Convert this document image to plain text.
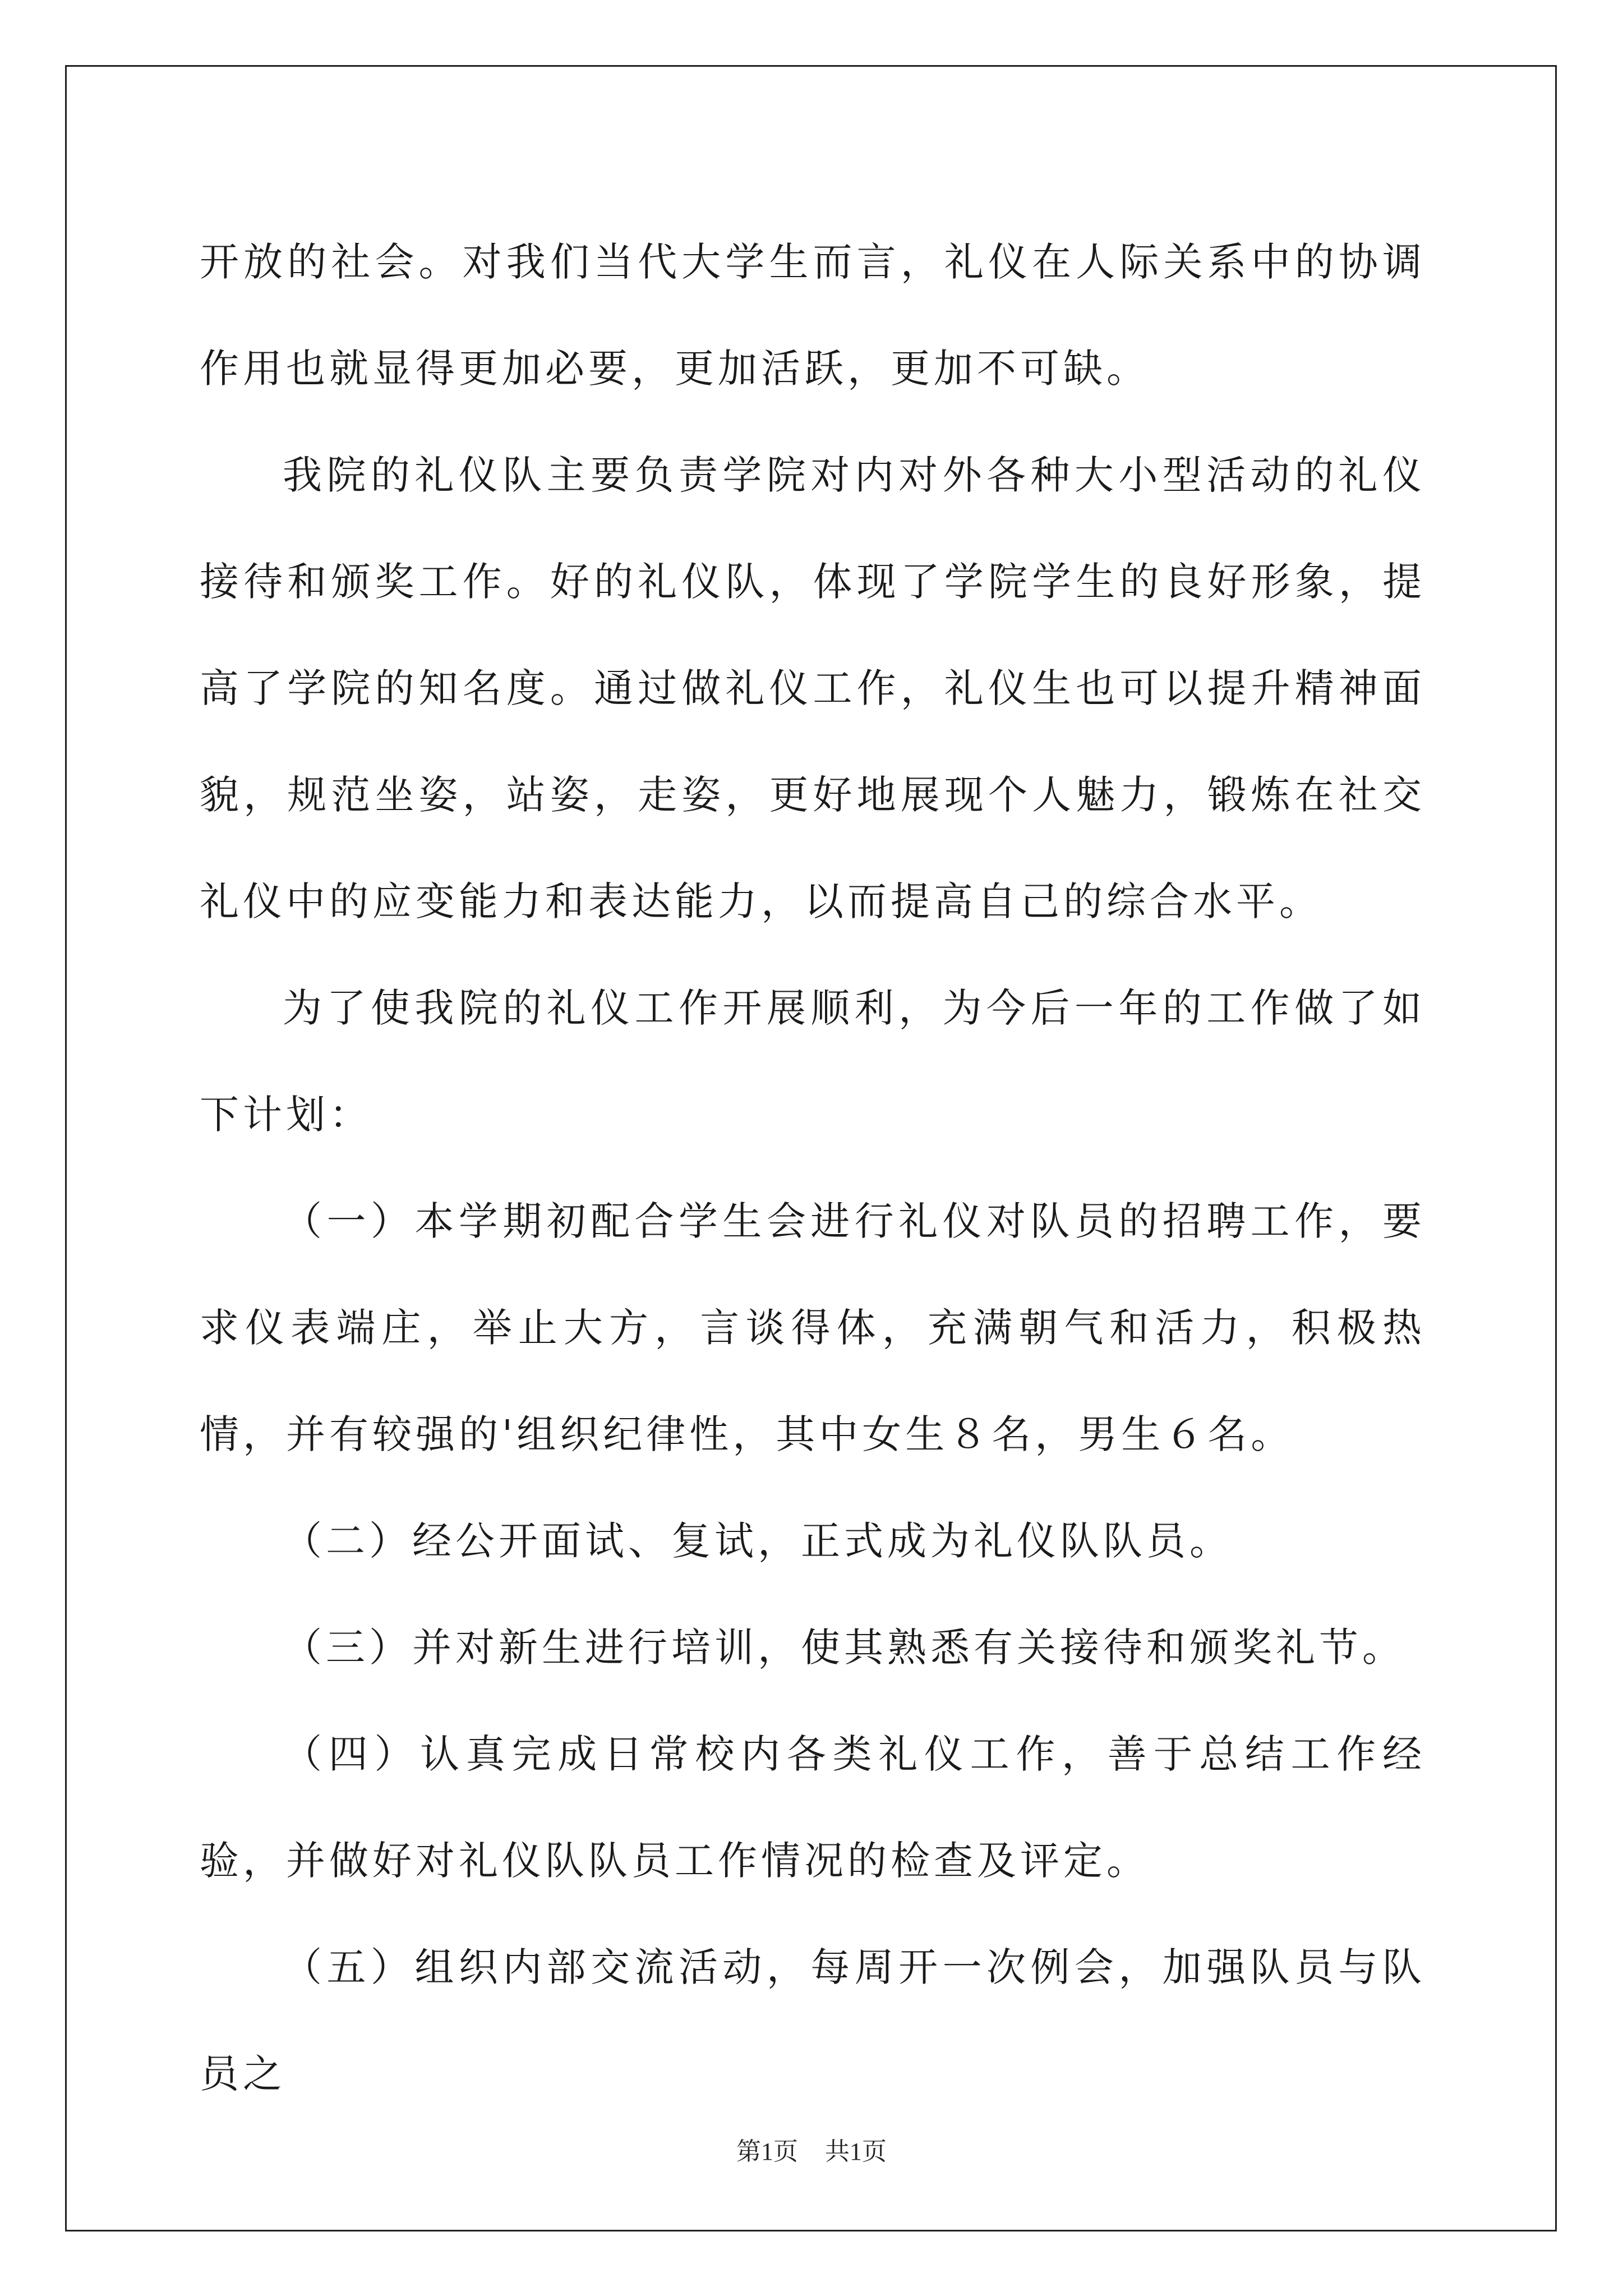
开放的社会。对我们当代大学生而言，礼仪在人际关系中的协调作用也就显得更加必要，更加活跃，更加不可缺。

我院的礼仪队主要负责学院对内对外各种大小型活动的礼仪接待和颁奖工作。好的礼仪队，体现了学院学生的良好形象，提高了学院的知名度。通过做礼仪工作，礼仪生也可以提升精神面貌，规范坐姿，站姿，走姿，更好地展现个人魅力，锻炼在社交礼仪中的应变能力和表达能力，以而提高自己的综合水平。

为了使我院的礼仪工作开展顺利，为今后一年的工作做了如下计划：

（一）本学期初配合学生会进行礼仪对队员的招聘工作，要求仪表端庄，举止大方，言谈得体，充满朝气和活力，积极热情，并有较强的'组织纪律性，其中女生８名，男生６名。

（二）经公开面试、复试，正式成为礼仪队队员。

（三）并对新生进行培训，使其熟悉有关接待和颁奖礼节。

（四）认真完成日常校内各类礼仪工作，善于总结工作经验，并做好对礼仪队队员工作情况的检查及评定。

（五）组织内部交流活动，每周开一次例会，加强队员与队员之

第1页 共1页
